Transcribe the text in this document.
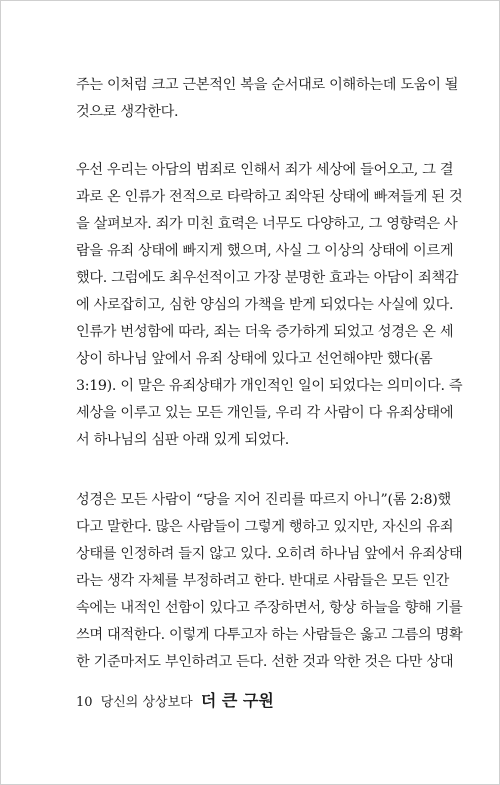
주는 이처럼 크고 근본적인 복을 순서대로 이해하는데 도움이 될
것으로 생각한다.
우선 우리는 아담의 범죄로 인해서 죄가 세상에 들어오고, 그 결
과로 온 인류가 전적으로 타락하고 죄악된 상태에 빠져들게 된 것
을 살펴보자. 죄가 미친 효력은 너무도 다양하고, 그 영향력은 사
람을 유죄 상태에 빠지게 했으며, 사실 그 이상의 상태에 이르게
했다. 그럼에도 최우선적이고 가장 분명한 효과는 아담이 죄책감
에 사로잡히고, 심한 양심의 가책을 받게 되었다는 사실에 있다.
인류가 번성함에 따라, 죄는 더욱 증가하게 되었고 성경은 온 세
상이 하나님 앞에서 유죄 상태에 있다고 선언해야만 했다(롬
3:19). 이 말은 유죄상태가 개인적인 일이 되었다는 의미이다. 즉
세상을 이루고 있는 모든 개인들, 우리 각 사람이 다 유죄상태에
서 하나님의 심판 아래 있게 되었다.
성경은 모든 사람이 “당을 지어 진리를 따르지 아니”(롬 2:8)했
다고 말한다. 많은 사람들이 그렇게 행하고 있지만, 자신의 유죄
상태를 인정하려 들지 않고 있다. 오히려 하나님 앞에서 유죄상태
라는 생각 자체를 부정하려고 한다. 반대로 사람들은 모든 인간
속에는 내적인 선함이 있다고 주장하면서, 항상 하늘을 향해 기를
쓰며 대적한다. 이렇게 다투고자 하는 사람들은 옳고 그름의 명확
한 기준마저도 부인하려고 든다. 선한 것과 악한 것은 다만 상대
10 당신의 상상보다 더 큰 구원
